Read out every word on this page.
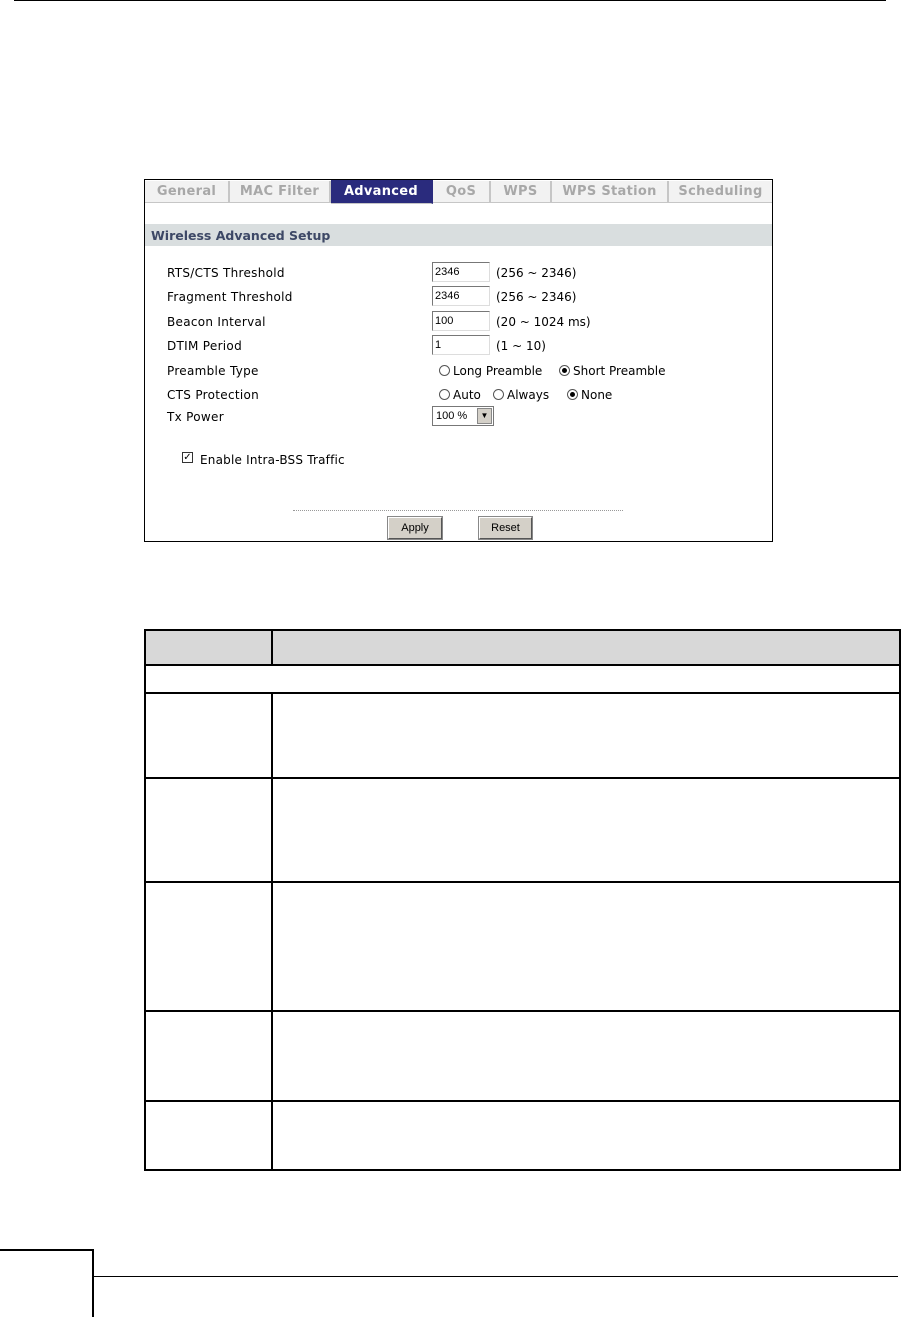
General	MAC Filter	Advanced	QoS	WPS	WPS Station	Scheduling
Wireless Advanced Setup
RTS/CTS Threshold	2346	(256 ~ 2346)
Fragment Threshold	2346	(256 ~ 2346)
Beacon Interval	100	(20 ~ 1024 ms)
DTIM Period	1	(1 ~ 10)
Preamble Type	Long Preamble	Short Preamble
CTS Protection	Auto	Always	None
Tx Power	100 %	▼
✓ Enable Intra-BSS Traffic
Apply	Reset
